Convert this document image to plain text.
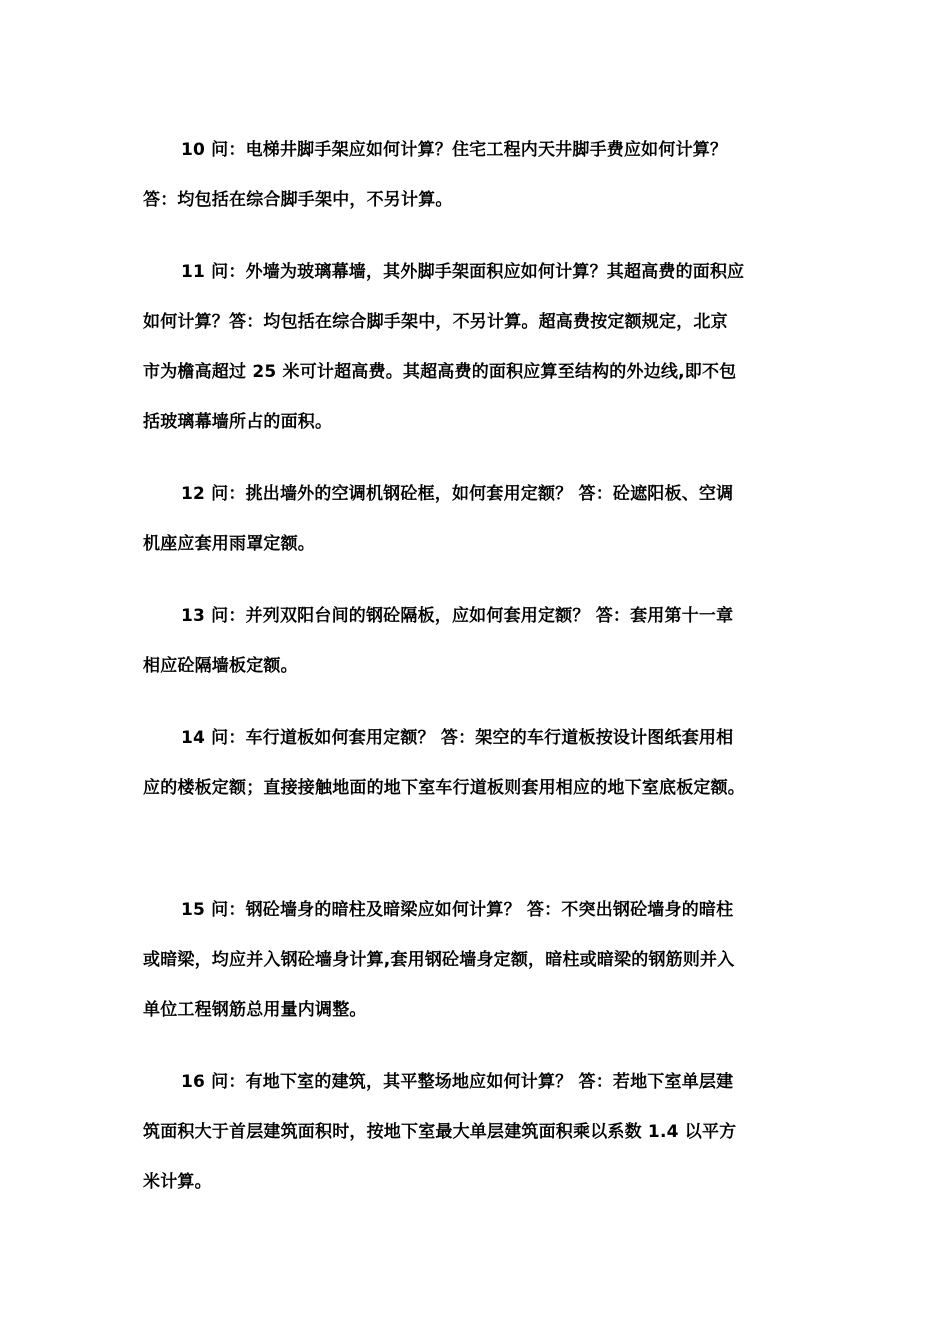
10 问：电梯井脚手架应如何计算？住宅工程内天井脚手费应如何计算？
答：均包括在综合脚手架中，不另计算。
11 问：外墙为玻璃幕墙，其外脚手架面积应如何计算？其超高费的面积应
如何计算？答：均包括在综合脚手架中，不另计算。超高费按定额规定，北京
市为檐高超过 25 米可计超高费。其超高费的面积应算至结构的外边线,即不包
括玻璃幕墙所占的面积。
12 问：挑出墙外的空调机钢砼框，如何套用定额？ 答：砼遮阳板、空调
机座应套用雨罩定额。
13 问：并列双阳台间的钢砼隔板，应如何套用定额？ 答：套用第十一章
相应砼隔墙板定额。
14 问：车行道板如何套用定额？ 答：架空的车行道板按设计图纸套用相
应的楼板定额；直接接触地面的地下室车行道板则套用相应的地下室底板定额。
15 问：钢砼墙身的暗柱及暗梁应如何计算？ 答：不突出钢砼墙身的暗柱
或暗梁，均应并入钢砼墙身计算,套用钢砼墙身定额，暗柱或暗梁的钢筋则并入
单位工程钢筋总用量内调整。
16 问：有地下室的建筑，其平整场地应如何计算？ 答：若地下室单层建
筑面积大于首层建筑面积时，按地下室最大单层建筑面积乘以系数 1.4 以平方
米计算。
